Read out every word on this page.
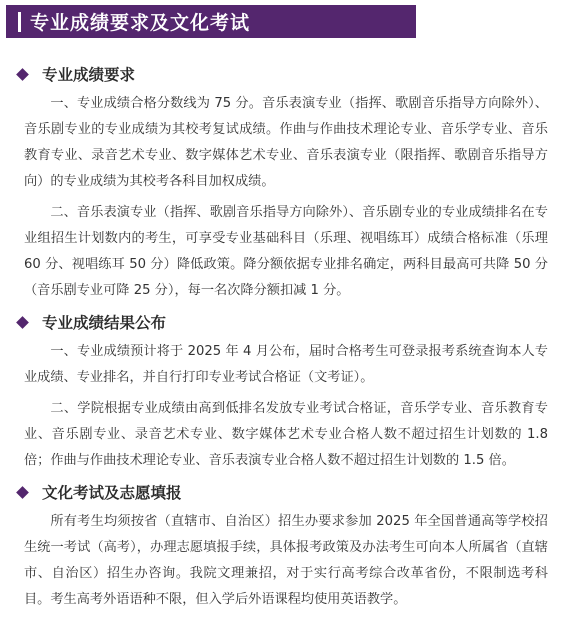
专业成绩要求及文化考试
专业成绩要求

一、专业成绩合格分数线为 75 分。音乐表演专业（指挥、歌剧音乐指导方向除外）、音乐剧专业的专业成绩为其校考复试成绩。作曲与作曲技术理论专业、音乐学专业、音乐教育专业、录音艺术专业、数字媒体艺术专业、音乐表演专业（限指挥、歌剧音乐指导方向）的专业成绩为其校考各科目加权成绩。

二、音乐表演专业（指挥、歌剧音乐指导方向除外）、音乐剧专业的专业成绩排名在专业组招生计划数内的考生，可享受专业基础科目（乐理、视唱练耳）成绩合格标准（乐理 60 分、视唱练耳 50 分）降低政策。降分额依据专业排名确定，两科目最高可共降 50 分（音乐剧专业可降 25 分），每一名次降分额扣减 1 分。

专业成绩结果公布

一、专业成绩预计将于 2025 年 4 月公布，届时合格考生可登录报考系统查询本人专业成绩、专业排名，并自行打印专业考试合格证（文考证）。

二、学院根据专业成绩由高到低排名发放专业考试合格证，音乐学专业、音乐教育专业、音乐剧专业、录音艺术专业、数字媒体艺术专业合格人数不超过招生计划数的 1.8 倍；作曲与作曲技术理论专业、音乐表演专业合格人数不超过招生计划数的 1.5 倍。

文化考试及志愿填报

所有考生均须按省（直辖市、自治区）招生办要求参加 2025 年全国普通高等学校招生统一考试（高考），办理志愿填报手续，具体报考政策及办法考生可向本人所属省（直辖市、自治区）招生办咨询。我院文理兼招，对于实行高考综合改革省份，不限制选考科目。考生高考外语语种不限，但入学后外语课程均使用英语教学。
